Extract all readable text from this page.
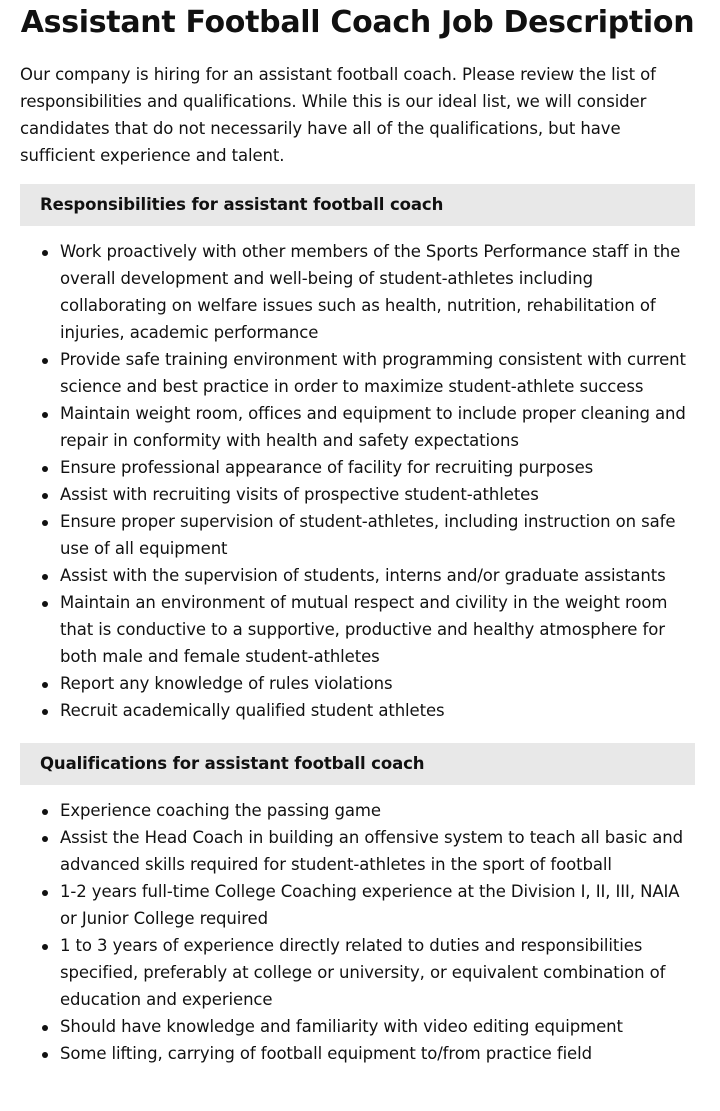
Assistant Football Coach Job Description

Our company is hiring for an assistant football coach. Please review the list of responsibilities and qualifications. While this is our ideal list, we will consider candidates that do not necessarily have all of the qualifications, but have sufficient experience and talent.

Responsibilities for assistant football coach
Work proactively with other members of the Sports Performance staff in the overall development and well-being of student-athletes including collaborating on welfare issues such as health, nutrition, rehabilitation of injuries, academic performance
Provide safe training environment with programming consistent with current science and best practice in order to maximize student-athlete success
Maintain weight room, offices and equipment to include proper cleaning and repair in conformity with health and safety expectations
Ensure professional appearance of facility for recruiting purposes
Assist with recruiting visits of prospective student-athletes
Ensure proper supervision of student-athletes, including instruction on safe use of all equipment
Assist with the supervision of students, interns and/or graduate assistants
Maintain an environment of mutual respect and civility in the weight room that is conductive to a supportive, productive and healthy atmosphere for both male and female student-athletes
Report any knowledge of rules violations
Recruit academically qualified student athletes
Qualifications for assistant football coach
Experience coaching the passing game
Assist the Head Coach in building an offensive system to teach all basic and advanced skills required for student-athletes in the sport of football
1-2 years full-time College Coaching experience at the Division I, II, III, NAIA or Junior College required
1 to 3 years of experience directly related to duties and responsibilities specified, preferably at college or university, or equivalent combination of education and experience
Should have knowledge and familiarity with video editing equipment
Some lifting, carrying of football equipment to/from practice field
